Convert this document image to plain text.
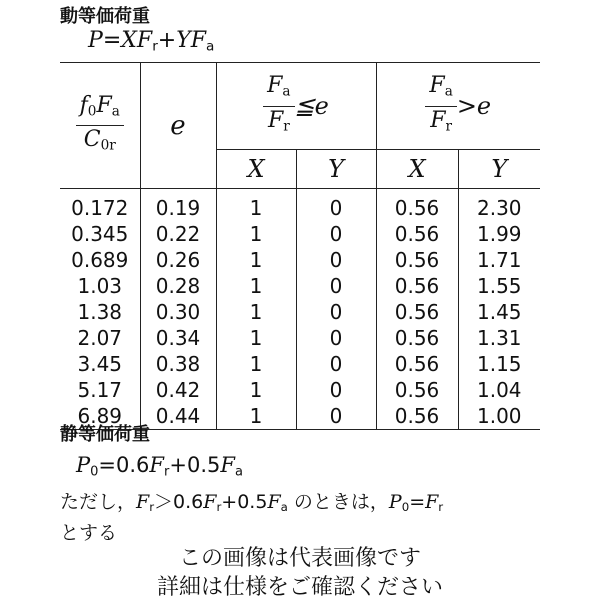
動等価荷重
$P=XF_r+YF_a$
$\frac{f_0F_a}{C_{0r}}$	e	$\frac{F_a}{F_r}$ ≦e		$\frac{F_a}{F_r} >e$	
		X	Y	X	Y

0.172	0.19	1	0	0.56	2.30
0.345	0.22	1	0	0.56	1.99
0.689	0.26	1	0	0.56	1.71
1.03	0.28	1	0	0.56	1.55
1.38	0.30	1	0	0.56	1.45
2.07	0.34	1	0	0.56	1.31
3.45	0.38	1	0	0.56	1.15
5.17	0.42	1	0	0.56	1.04
6.89	0.44	1	0	0.56	1.00
静等価荷重
$P_0=0.6F_r+0.5F_a$
ただし，$F_r>0.6F_r+0.5F_a$ のときは，$P_0=F_r$
とする
この画像は代表画像です
詳細は仕様をご確認ください
